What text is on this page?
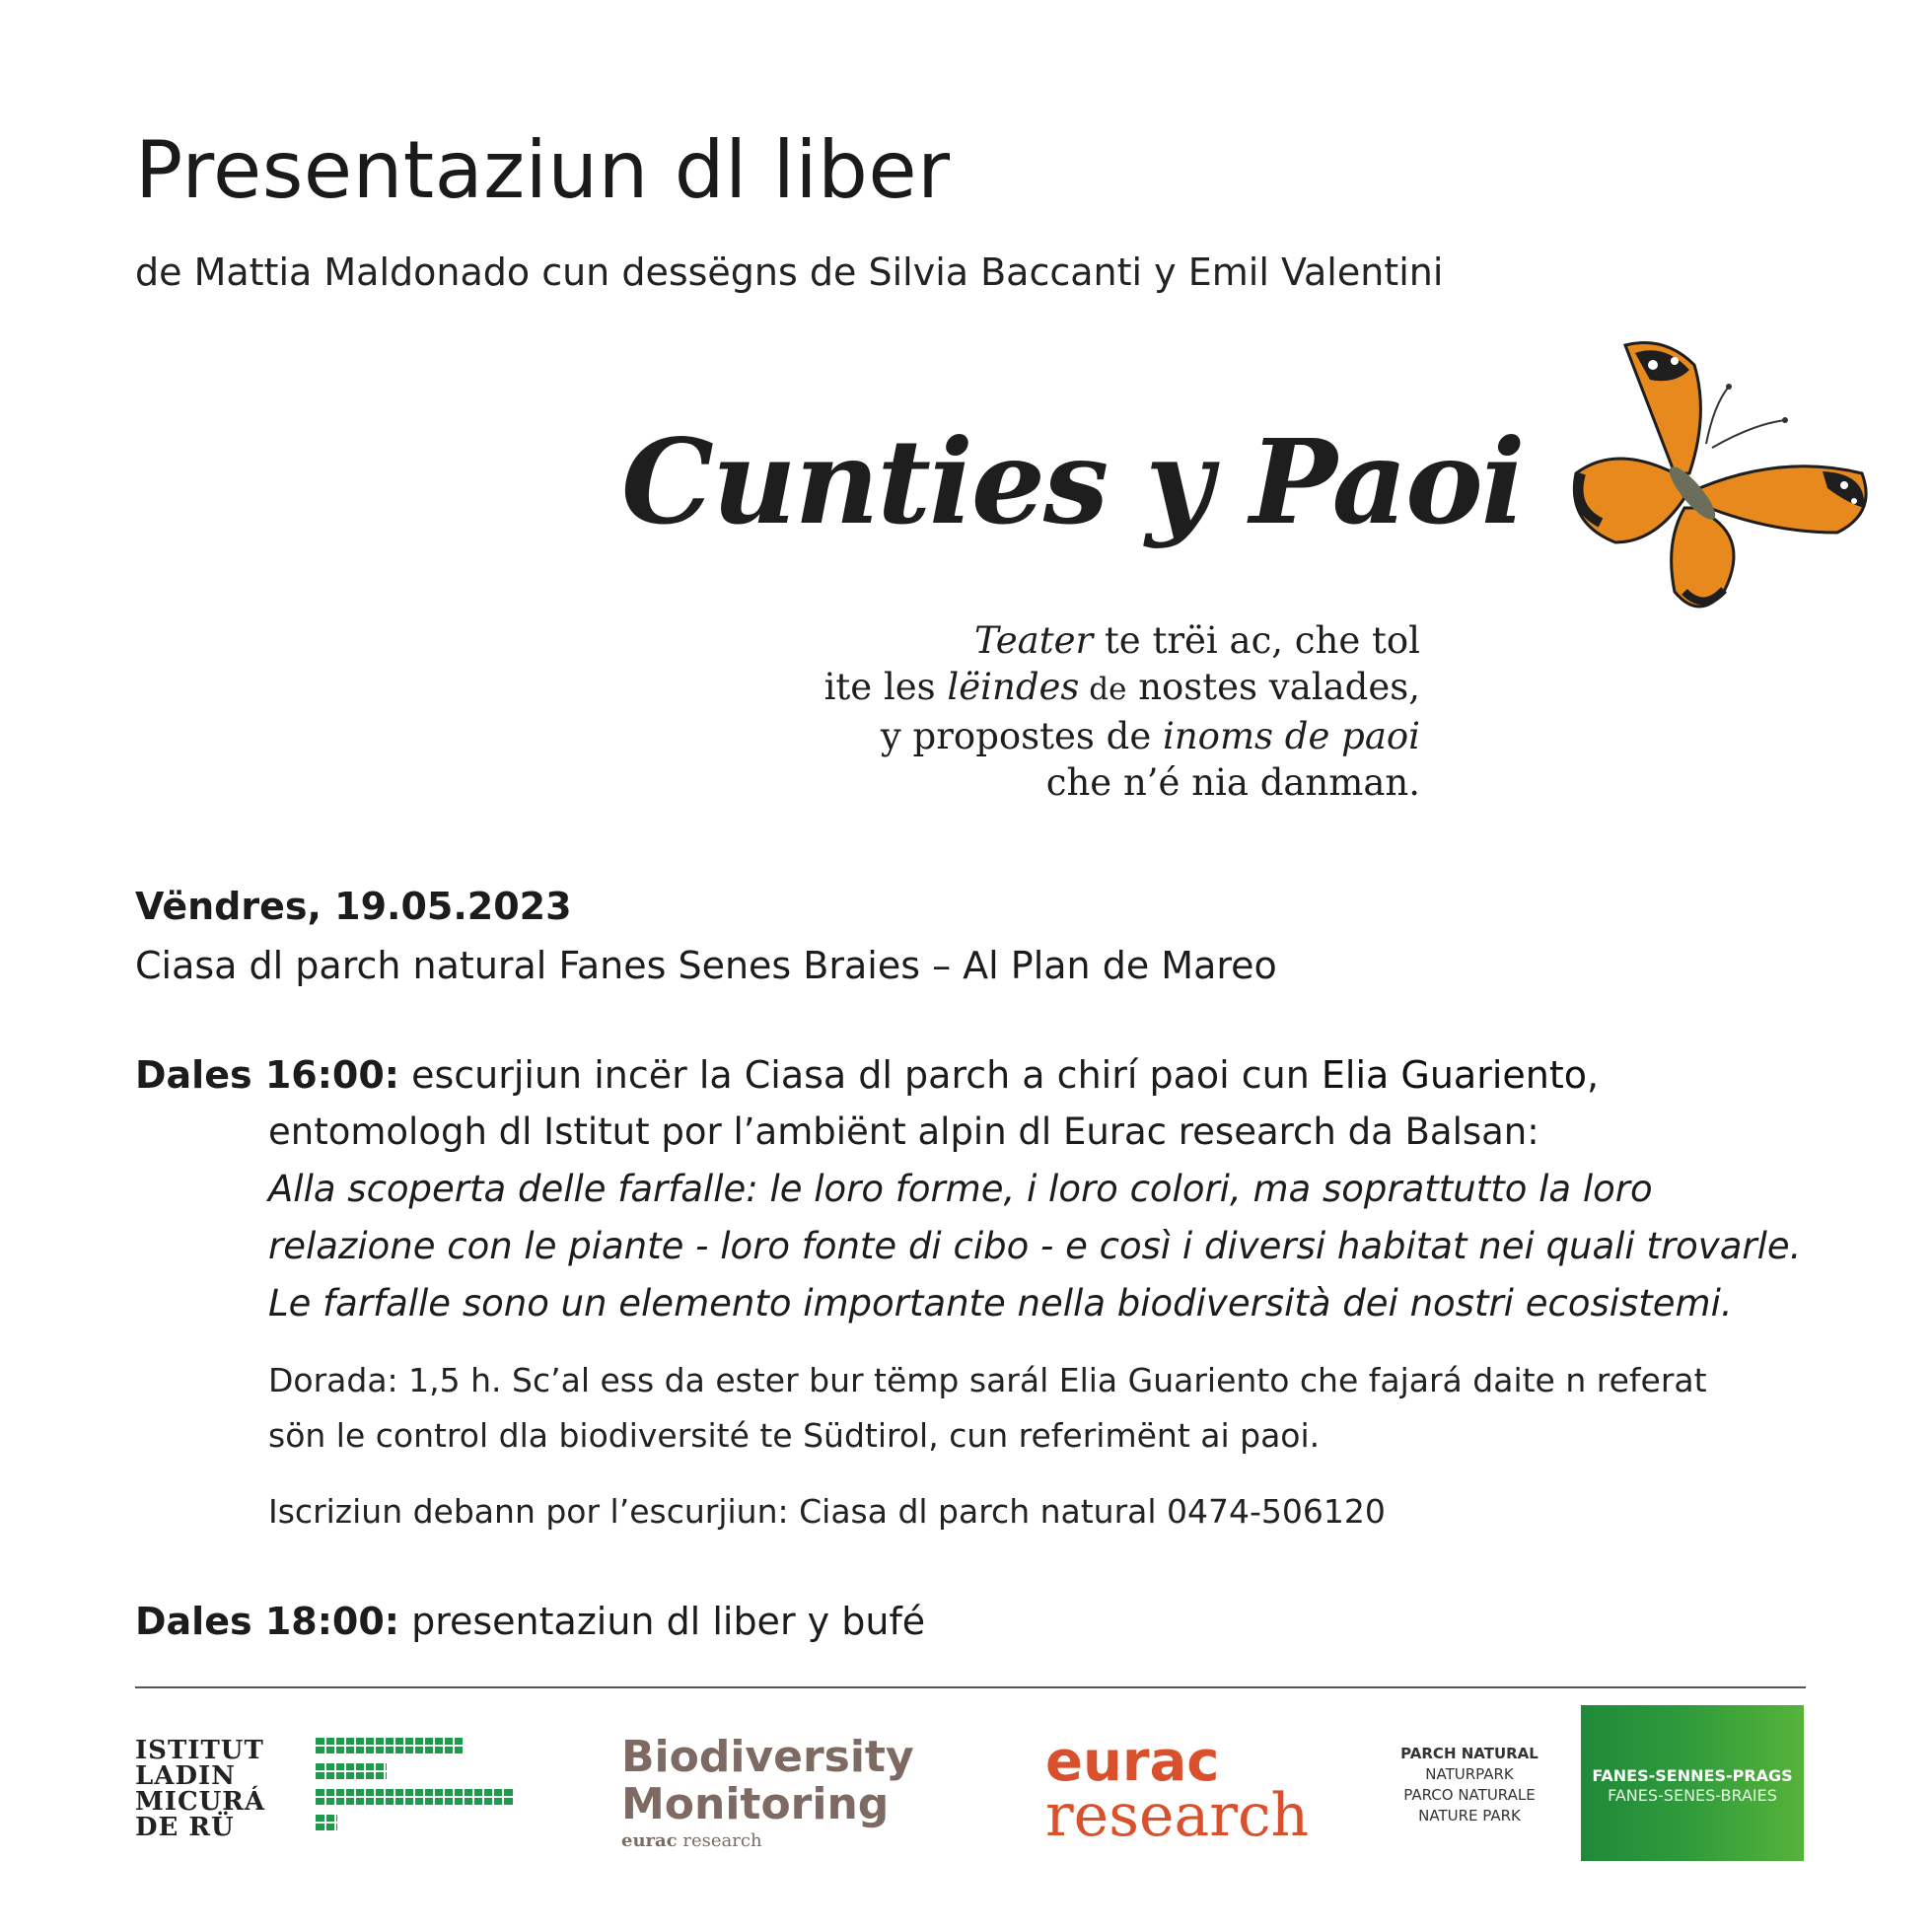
Presentaziun dl liber
de Mattia Maldonado cun dessëgns de Silvia Baccanti y Emil Valentini
Cunties y Paoi
Teater te trëi ac, che tol
ite les lëindes de nostes valades,
y propostes de inoms de paoi
che n’é nia danman.
Vëndres, 19.05.2023
Ciasa dl parch natural Fanes Senes Braies – Al Plan de Mareo
Dales 16:00: escurjiun incër la Ciasa dl parch a chirí paoi cun Elia Guariento,
entomologh dl Istitut por l’ambiënt alpin dl Eurac research da Balsan:
Alla scoperta delle farfalle: le loro forme, i loro colori, ma soprattutto la loro
relazione con le piante - loro fonte di cibo - e così i diversi habitat nei quali trovarle.
Le farfalle sono un elemento importante nella biodiversità dei nostri ecosistemi.
Dorada: 1,5 h. Sc’al ess da ester bur tëmp sarál Elia Guariento che fajará daite n referat
sön le control dla biodiversité te Südtirol, cun referimënt ai paoi.
Iscriziun debann por l’escurjiun: Ciasa dl parch natural 0474-506120
Dales 18:00: presentaziun dl liber y bufé
ISTITUT
LADIN
MICURÁ
DE RÜ
Biodiversity
Monitoring
eurac research
eurac
research
PARCH NATURAL
NATURPARK
PARCO NATURALE
NATURE PARK
FANES-SENNES-PRAGS
FANES-SENES-BRAIES
